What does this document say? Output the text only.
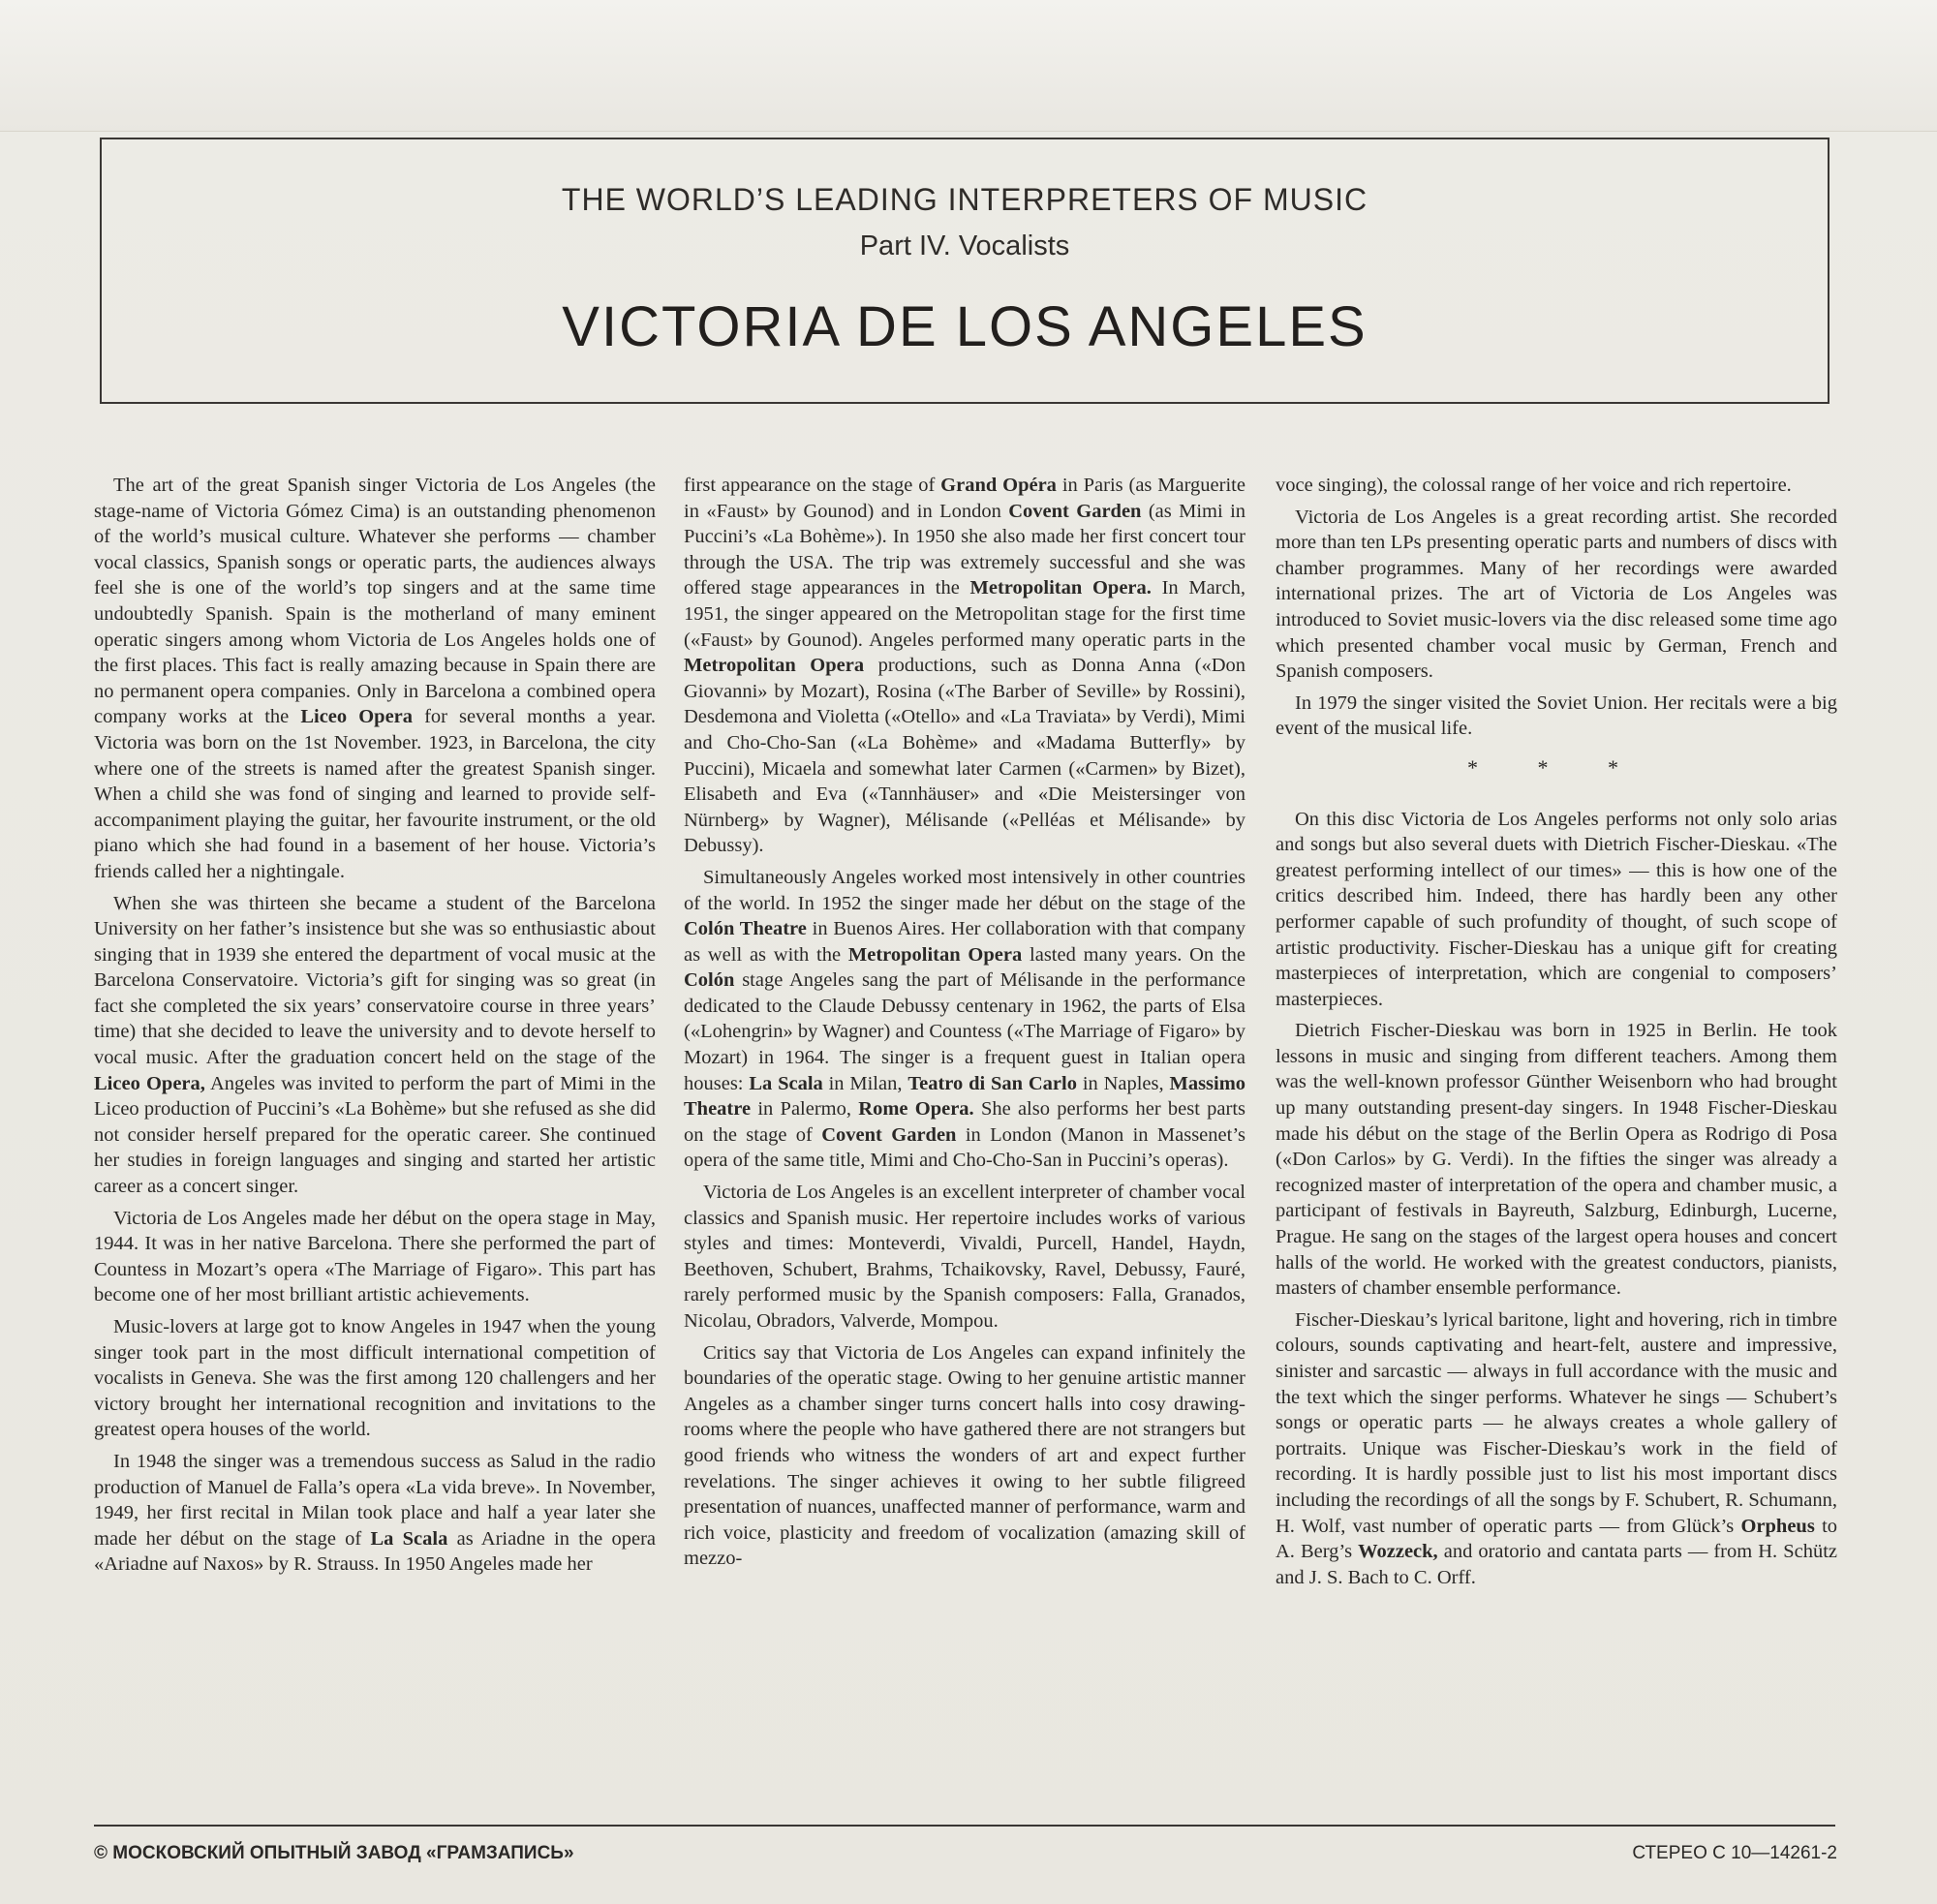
THE WORLD’S LEADING INTERPRETERS OF MUSIC
Part IV. Vocalists
VICTORIA DE LOS ANGELES

The art of the great Spanish singer Victoria de Los Angeles (the stage-name of Victoria Gómez Cima) is an outstanding phenomenon of the world’s musical culture. Whatever she performs — chamber vocal classics, Spanish songs or operatic parts, the audiences always feel she is one of the world’s top singers and at the same time undoubtedly Spanish. Spain is the motherland of many eminent operatic singers among whom Victoria de Los Angeles holds one of the first places. This fact is really amazing because in Spain there are no permanent opera companies. Only in Barcelona a combined opera company works at the Liceo Opera for several months a year. Victoria was born on the 1st November. 1923, in Barcelona, the city where one of the streets is named after the greatest Spanish singer. When a child she was fond of singing and learned to provide self-accompaniment playing the guitar, her favourite instrument, or the old piano which she had found in a basement of her house. Victoria’s friends called her a nightingale.

When she was thirteen she became a student of the Barcelona University on her father’s insistence but she was so enthusiastic about singing that in 1939 she entered the department of vocal music at the Barcelona Conservatoire. Victoria’s gift for singing was so great (in fact she completed the six years’ conservatoire course in three years’ time) that she decided to leave the university and to devote herself to vocal music. After the graduation concert held on the stage of the Liceo Opera, Angeles was invited to perform the part of Mimi in the Liceo production of Puccini’s «La Bohème» but she refused as she did not consider herself prepared for the operatic career. She continued her studies in foreign languages and singing and started her artistic career as a concert singer.

Victoria de Los Angeles made her début on the opera stage in May, 1944. It was in her native Barcelona. There she performed the part of Countess in Mozart’s opera «The Marriage of Figaro». This part has become one of her most brilliant artistic achievements.

Music-lovers at large got to know Angeles in 1947 when the young singer took part in the most difficult international competition of vocalists in Geneva. She was the first among 120 challengers and her victory brought her international recognition and invitations to the greatest opera houses of the world.

In 1948 the singer was a tremendous success as Salud in the radio production of Manuel de Falla’s opera «La vida breve». In November, 1949, her first recital in Milan took place and half a year later she made her début on the stage of La Scala as Ariadne in the opera «Ariadne auf Naxos» by R. Strauss. In 1950 Angeles made her

first appearance on the stage of Grand Opéra in Paris (as Marguerite in «Faust» by Gounod) and in London Covent Garden (as Mimi in Puccini’s «La Bohème»). In 1950 she also made her first concert tour through the USA. The trip was extremely successful and she was offered stage appearances in the Metropolitan Opera. In March, 1951, the singer appeared on the Metropolitan stage for the first time («Faust» by Gounod). Angeles performed many operatic parts in the Metropolitan Opera productions, such as Donna Anna («Don Giovanni» by Mozart), Rosina («The Barber of Seville» by Rossini), Desdemona and Violetta («Otello» and «La Traviata» by Verdi), Mimi and Cho-Cho-San («La Bohème» and «Madama Butterfly» by Puccini), Micaela and somewhat later Carmen («Carmen» by Bizet), Elisabeth and Eva («Tannhäuser» and «Die Meistersinger von Nürnberg» by Wagner), Mélisande («Pelléas et Mélisande» by Debussy).

Simultaneously Angeles worked most intensively in other countries of the world. In 1952 the singer made her début on the stage of the Colón Theatre in Buenos Aires. Her collaboration with that company as well as with the Metropolitan Opera lasted many years. On the Colón stage Angeles sang the part of Mélisande in the performance dedicated to the Claude Debussy centenary in 1962, the parts of Elsa («Lohengrin» by Wagner) and Countess («The Marriage of Figaro» by Mozart) in 1964. The singer is a frequent guest in Italian opera houses: La Scala in Milan, Teatro di San Carlo in Naples, Massimo Theatre in Palermo, Rome Opera. She also performs her best parts on the stage of Covent Garden in London (Manon in Massenet’s opera of the same title, Mimi and Cho-Cho-San in Puccini’s operas).

Victoria de Los Angeles is an excellent interpreter of chamber vocal classics and Spanish music. Her repertoire includes works of various styles and times: Monteverdi, Vivaldi, Purcell, Handel, Haydn, Beethoven, Schubert, Brahms, Tchaikovsky, Ravel, Debussy, Fauré, rarely performed music by the Spanish composers: Falla, Granados, Nicolau, Obradors, Valverde, Mompou.

Critics say that Victoria de Los Angeles can expand infinitely the boundaries of the operatic stage. Owing to her genuine artistic manner Angeles as a chamber singer turns concert halls into cosy drawing-rooms where the people who have gathered there are not strangers but good friends who witness the wonders of art and expect further revelations. The singer achieves it owing to her subtle filigreed presentation of nuances, unaffected manner of performance, warm and rich voice, plasticity and freedom of vocalization (amazing skill of mezzo-

voce singing), the colossal range of her voice and rich repertoire.

Victoria de Los Angeles is a great recording artist. She recorded more than ten LPs presenting operatic parts and numbers of discs with chamber programmes. Many of her recordings were awarded international prizes. The art of Victoria de Los Angeles was introduced to Soviet music-lovers via the disc released some time ago which presented chamber vocal music by German, French and Spanish composers.

In 1979 the singer visited the Soviet Union. Her recitals were a big event of the musical life.

* * *

On this disc Victoria de Los Angeles performs not only solo arias and songs but also several duets with Dietrich Fischer-Dieskau. «The greatest performing intellect of our times» — this is how one of the critics described him. Indeed, there has hardly been any other performer capable of such profundity of thought, of such scope of artistic productivity. Fischer-Dieskau has a unique gift for creating masterpieces of interpretation, which are congenial to composers’ masterpieces.

Dietrich Fischer-Dieskau was born in 1925 in Berlin. He took lessons in music and singing from different teachers. Among them was the well-known professor Günther Weisenborn who had brought up many outstanding present-day singers. In 1948 Fischer-Dieskau made his début on the stage of the Berlin Opera as Rodrigo di Posa («Don Carlos» by G. Verdi). In the fifties the singer was already a recognized master of interpretation of the opera and chamber music, a participant of festivals in Bayreuth, Salzburg, Edinburgh, Lucerne, Prague. He sang on the stages of the largest opera houses and concert halls of the world. He worked with the greatest conductors, pianists, masters of chamber ensemble performance.

Fischer-Dieskau’s lyrical baritone, light and hovering, rich in timbre colours, sounds captivating and heart-felt, austere and impressive, sinister and sarcastic — always in full accordance with the music and the text which the singer performs. Whatever he sings — Schubert’s songs or operatic parts — he always creates a whole gallery of portraits. Unique was Fischer-Dieskau’s work in the field of recording. It is hardly possible just to list his most important discs including the recordings of all the songs by F. Schubert, R. Schumann, H. Wolf, vast number of operatic parts — from Glück’s Orpheus to A. Berg’s Wozzeck, and oratorio and cantata parts — from H. Schütz and J. S. Bach to C. Orff.

© МОСКОВСКИЙ ОПЫТНЫЙ ЗАВОД «ГРАМЗАПИСЬ»	СТЕРЕО С 10—14261-2
